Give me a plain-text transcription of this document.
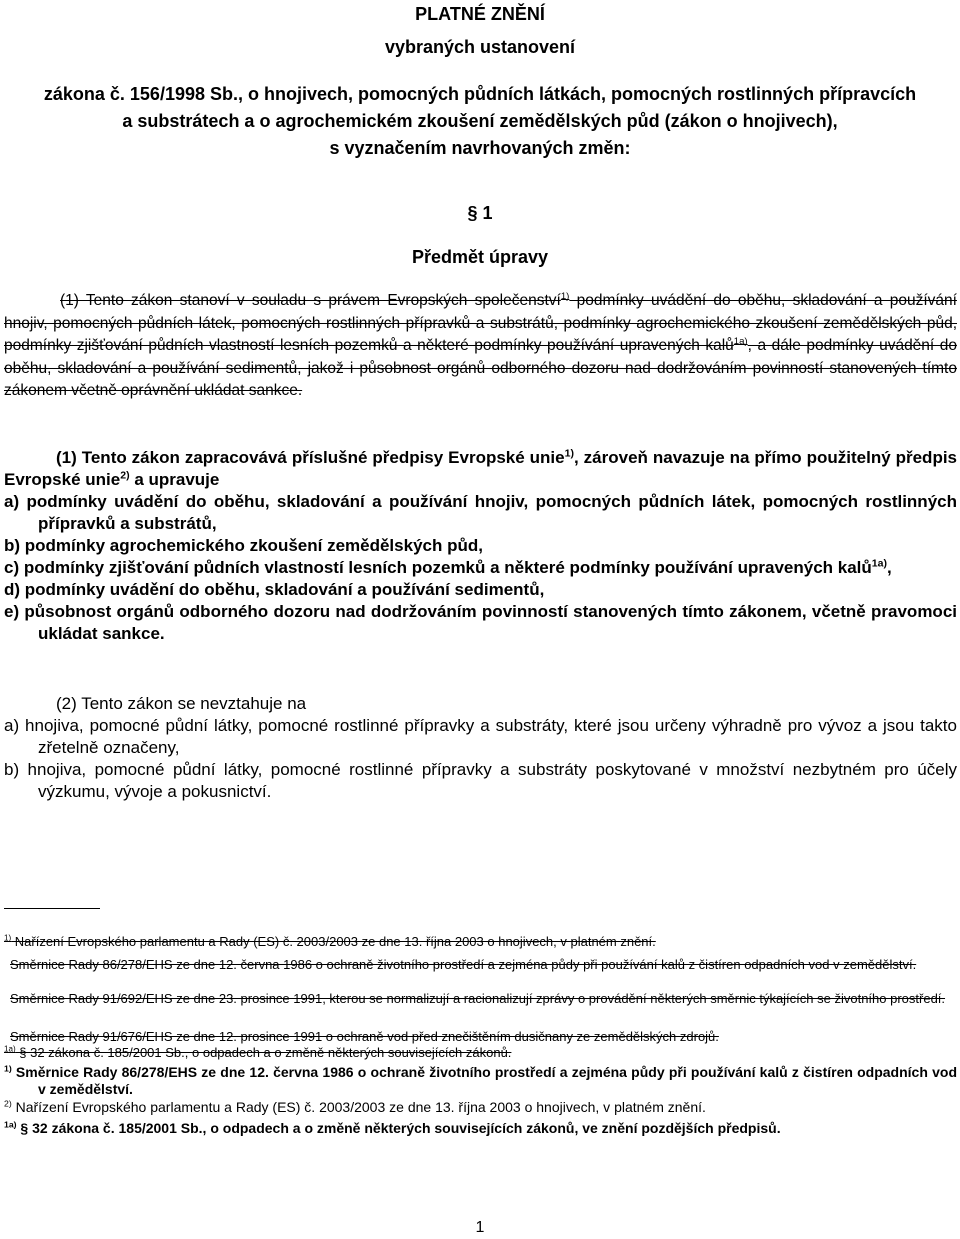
PLATNÉ ZNĚNÍ

vybraných ustanovení

zákona č. 156/1998 Sb., o hnojivech, pomocných půdních látkách, pomocných rostlinných přípravcích

a substrátech a o agrochemickém zkoušení zemědělských půd (zákon o hnojivech),

s vyznačením navrhovaných změn:

§ 1

Předmět úpravy

(1) Tento zákon stanoví v souladu s právem Evropských společenství$^{1)}$ podmínky uvádění do oběhu, skladování a používání hnojiv, pomocných půdních látek, pomocných rostlinných přípravků a substrátů, podmínky agrochemického zkoušení zemědělských půd, podmínky zjišťování půdních vlastností lesních pozemků a některé podmínky používání upravených kalů$^{1a)}$, a dále podmínky uvádění do oběhu, skladování a používání sedimentů, jakož i působnost orgánů odborného dozoru nad dodržováním povinností stanovených tímto zákonem včetně oprávnění ukládat sankce.

(1) Tento zákon zapracovává příslušné předpisy Evropské unie$^{1)}$, zároveň navazuje na přímo použitelný předpis Evropské unie$^{2)}$ a upravuje
a) podmínky uvádění do oběhu, skladování a používání hnojiv, pomocných půdních látek, pomocných rostlinných přípravků a substrátů,
b) podmínky agrochemického zkoušení zemědělských půd,
c) podmínky zjišťování půdních vlastností lesních pozemků a některé podmínky používání upravených kalů$^{1a)}$,
d) podmínky uvádění do oběhu, skladování a používání sedimentů,
e) působnost orgánů odborného dozoru nad dodržováním povinností stanovených tímto zákonem, včetně pravomoci ukládat sankce.
(2) Tento zákon se nevztahuje na
a) hnojiva, pomocné půdní látky, pomocné rostlinné přípravky a substráty, které jsou určeny výhradně pro vývoz a jsou takto zřetelně označeny,
b) hnojiva, pomocné půdní látky, pomocné rostlinné přípravky a substráty poskytované v množství nezbytném pro účely výzkumu, vývoje a pokusnictví.

$^{1)}$ Nařízení Evropského parlamentu a Rady (ES) č. 2003/2003 ze dne 13. října 2003 o hnojivech, v platném znění.

Směrnice Rady 86/278/EHS ze dne 12. června 1986 o ochraně životního prostředí a zejména půdy při používání kalů z čistíren odpadních vod v zemědělství.

Směrnice Rady 91/692/EHS ze dne 23. prosince 1991, kterou se normalizují a racionalizují zprávy o provádění některých směrnic týkajících se životního prostředí.

Směrnice Rady 91/676/EHS ze dne 12. prosince 1991 o ochraně vod před znečištěním dusičnany ze zemědělských zdrojů.

$^{1a)}$ § 32 zákona č. 185/2001 Sb., o odpadech a o změně některých souvisejících zákonů.

$^{1)}$ Směrnice Rady 86/278/EHS ze dne 12. června 1986 o ochraně životního prostředí a zejména půdy při používání kalů z čistíren odpadních vod v zemědělství.

$^{2)}$ Nařízení Evropského parlamentu a Rady (ES) č. 2003/2003 ze dne 13. října 2003 o hnojivech, v platném znění.

$^{1a)}$ § 32 zákona č. 185/2001 Sb., o odpadech a o změně některých souvisejících zákonů, ve znění pozdějších předpisů.

1
